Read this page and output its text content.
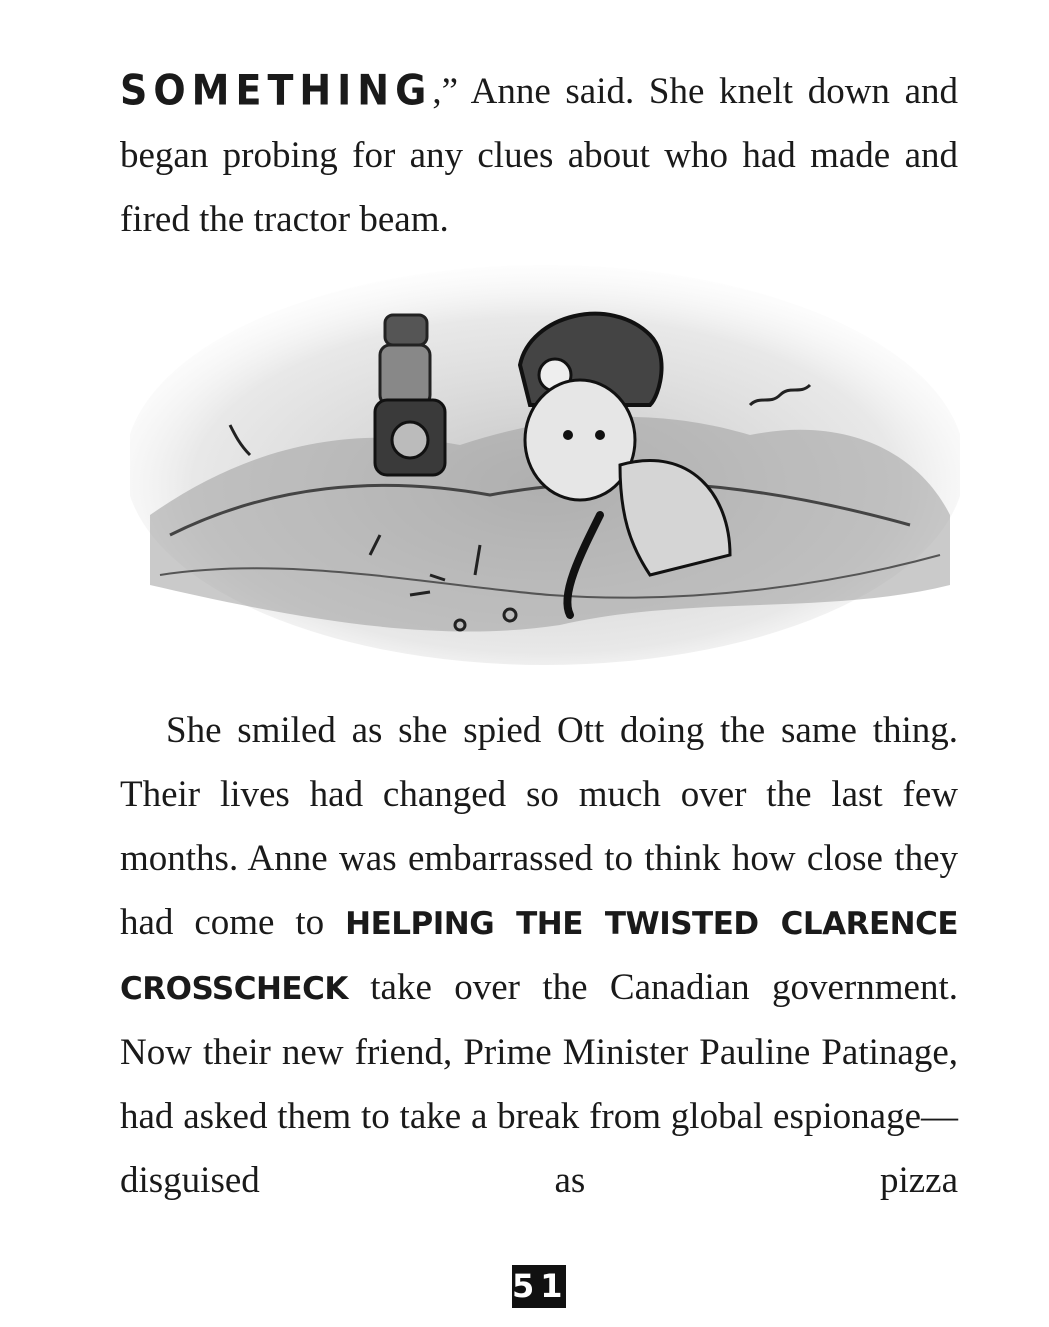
SOMETHING,” Anne said. She knelt down and began probing for any clues about who had made and fired the tractor beam.

She smiled as she spied Ott doing the same thing. Their lives had changed so much over the last few months. Anne was embarrassed to think how close they had come to HELPING THE TWISTED CLARENCE CROSSCHECK take over the Canadian government. Now their new friend, Prime Minister Pauline Patinage, had asked them to take a break from global espionage—disguised as pizza

51
